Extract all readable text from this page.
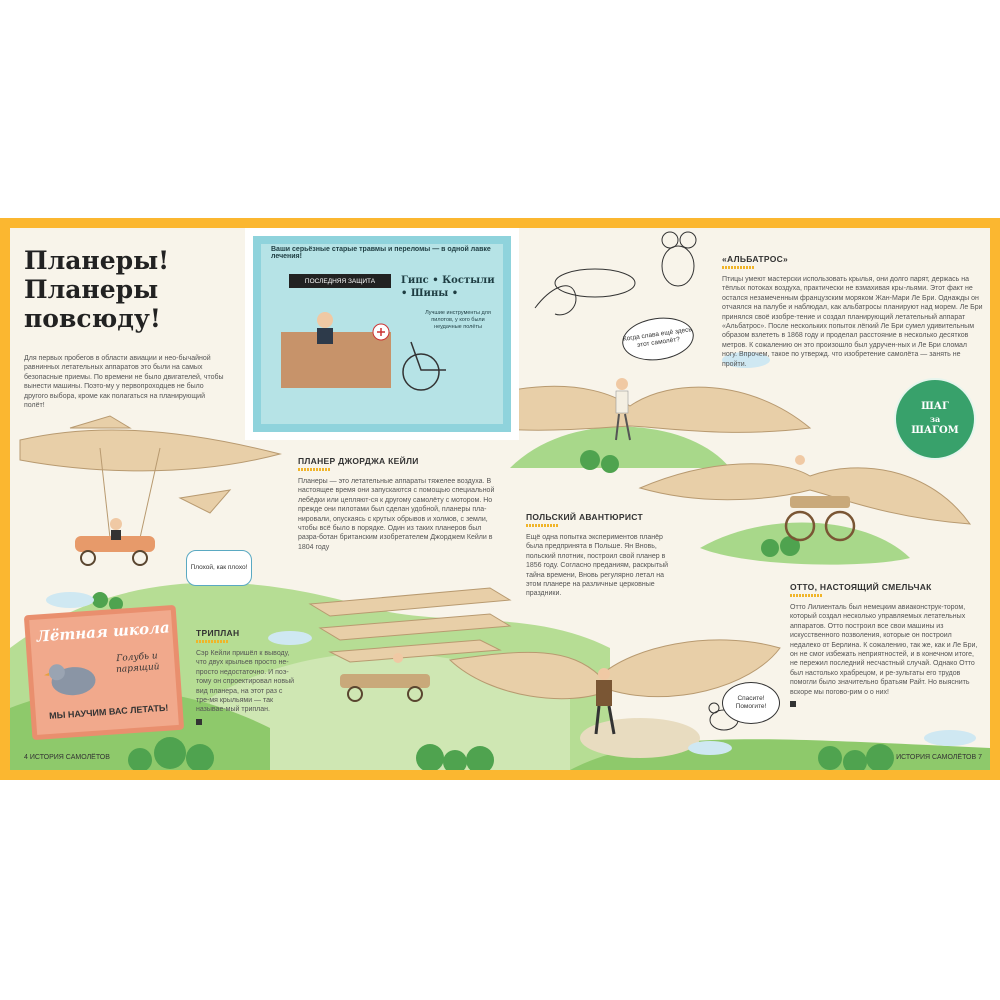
Планеры!
Планеры
повсюду!

Для первых пробегов в области авиации и нео-бычайной равнинных летательных аппаратов это были на самых безопасные приемы. По времени не было двигателей, чтобы вынести машины. Поэто-му у первопроходцев не было другого выбора, кроме как полагаться на планирующий полёт!

Ваши серьёзные старые травмы и переломы — в одной лавке лечения!
ПОСЛЕДНЯЯ ЗАЩИТА	Гипс • Костыли • Шины •
Лучшие инструменты для пилотов, у кого были неудачные полёты	Когда слава ещё здесь этот самолёт?
Плохой, как плохо!
Спасите! Помогите!

ПЛАНЕР ДЖОРДЖА КЕЙЛИ

Планеры — это летательные аппараты тяжелее воздуха. В настоящее время они запускаются с помощью специальной лебёдки или цепляют-ся к другому самолёту с мотором. Но прежде они пилотами был сделан удобной, планеры пла-нировали, опускаясь с крутых обрывов и холмов, с земли, чтобы всё было в порядке. Один из таких планеров был разра-ботан британским изобретателем Джорджем Кейли в 1804 году

ТРИПЛАН

Сэр Кейли пришёл к выводу, что двух крыльев просто не-просто недостаточно. И поэ-тому он спроектировал новый вид планера, на этот раз с тре-мя крыльями — так называе-мый триплан.

ПОЛЬСКИЙ АВАНТЮРИСТ

Ещё одна попытка экспериментов планёр была предпринята в Польше. Ян Вновь, польский плотник, построил свой планер в 1856 году. Согласно преданиям, раскрытый тайна времени, Вновь регулярно летал на этом планере на различные церковные праздники.

«АЛЬБАТРОС»

Птицы умеют мастерски использовать крылья, они долго парят, держась на тёплых потоках воздуха, практически не взмахивая кры-льями. Этот факт не остался незамеченным французским моряком Жан-Мари Ле Бри. Однажды он отчаялся на палубе и наблюдал, как альбатросы планируют над морем. Ле Бри принялся своё изобре-тение и создал планирующий летательный аппарат «Альбатрос». После нескольких попыток лёгкий Ле Бри сумел удивительным образом взлететь в 1868 году и проделал расстояние в несколько десятков метров. К сожалению он это произошло был удручен-ных и Ле Бри сломал ногу. Впрочем, такое по утвержд. что изобретение самолёта — занять не пройти.

ШАГ
за
ШАГОМ

ОТТО, НАСТОЯЩИЙ СМЕЛЬЧАК

Отто Лилиенталь был немецким авиаконструк-тором, который создал несколько управляемых летательных аппаратов. Отто построил все свои машины из искусственного позволения, которые он построил недалеко от Берлина. К сожалению, так же, как и Ле Бри, он не смог избежать неприятностей, и в конечном итоге, не пережил последний несчастный случай. Однако Отто был настолько храбрецом, и ре-зультаты его трудов помогли было значительно братьям Райт. Но выяснить вскоре мы погово-рим о о них!

Лётная школа
Голубь и парящий
МЫ НАУЧИМ ВАС ЛЕТАТЬ!
4 ИСТОРИЯ САМОЛЁТОВ	ИСТОРИЯ САМОЛЁТОВ 7
